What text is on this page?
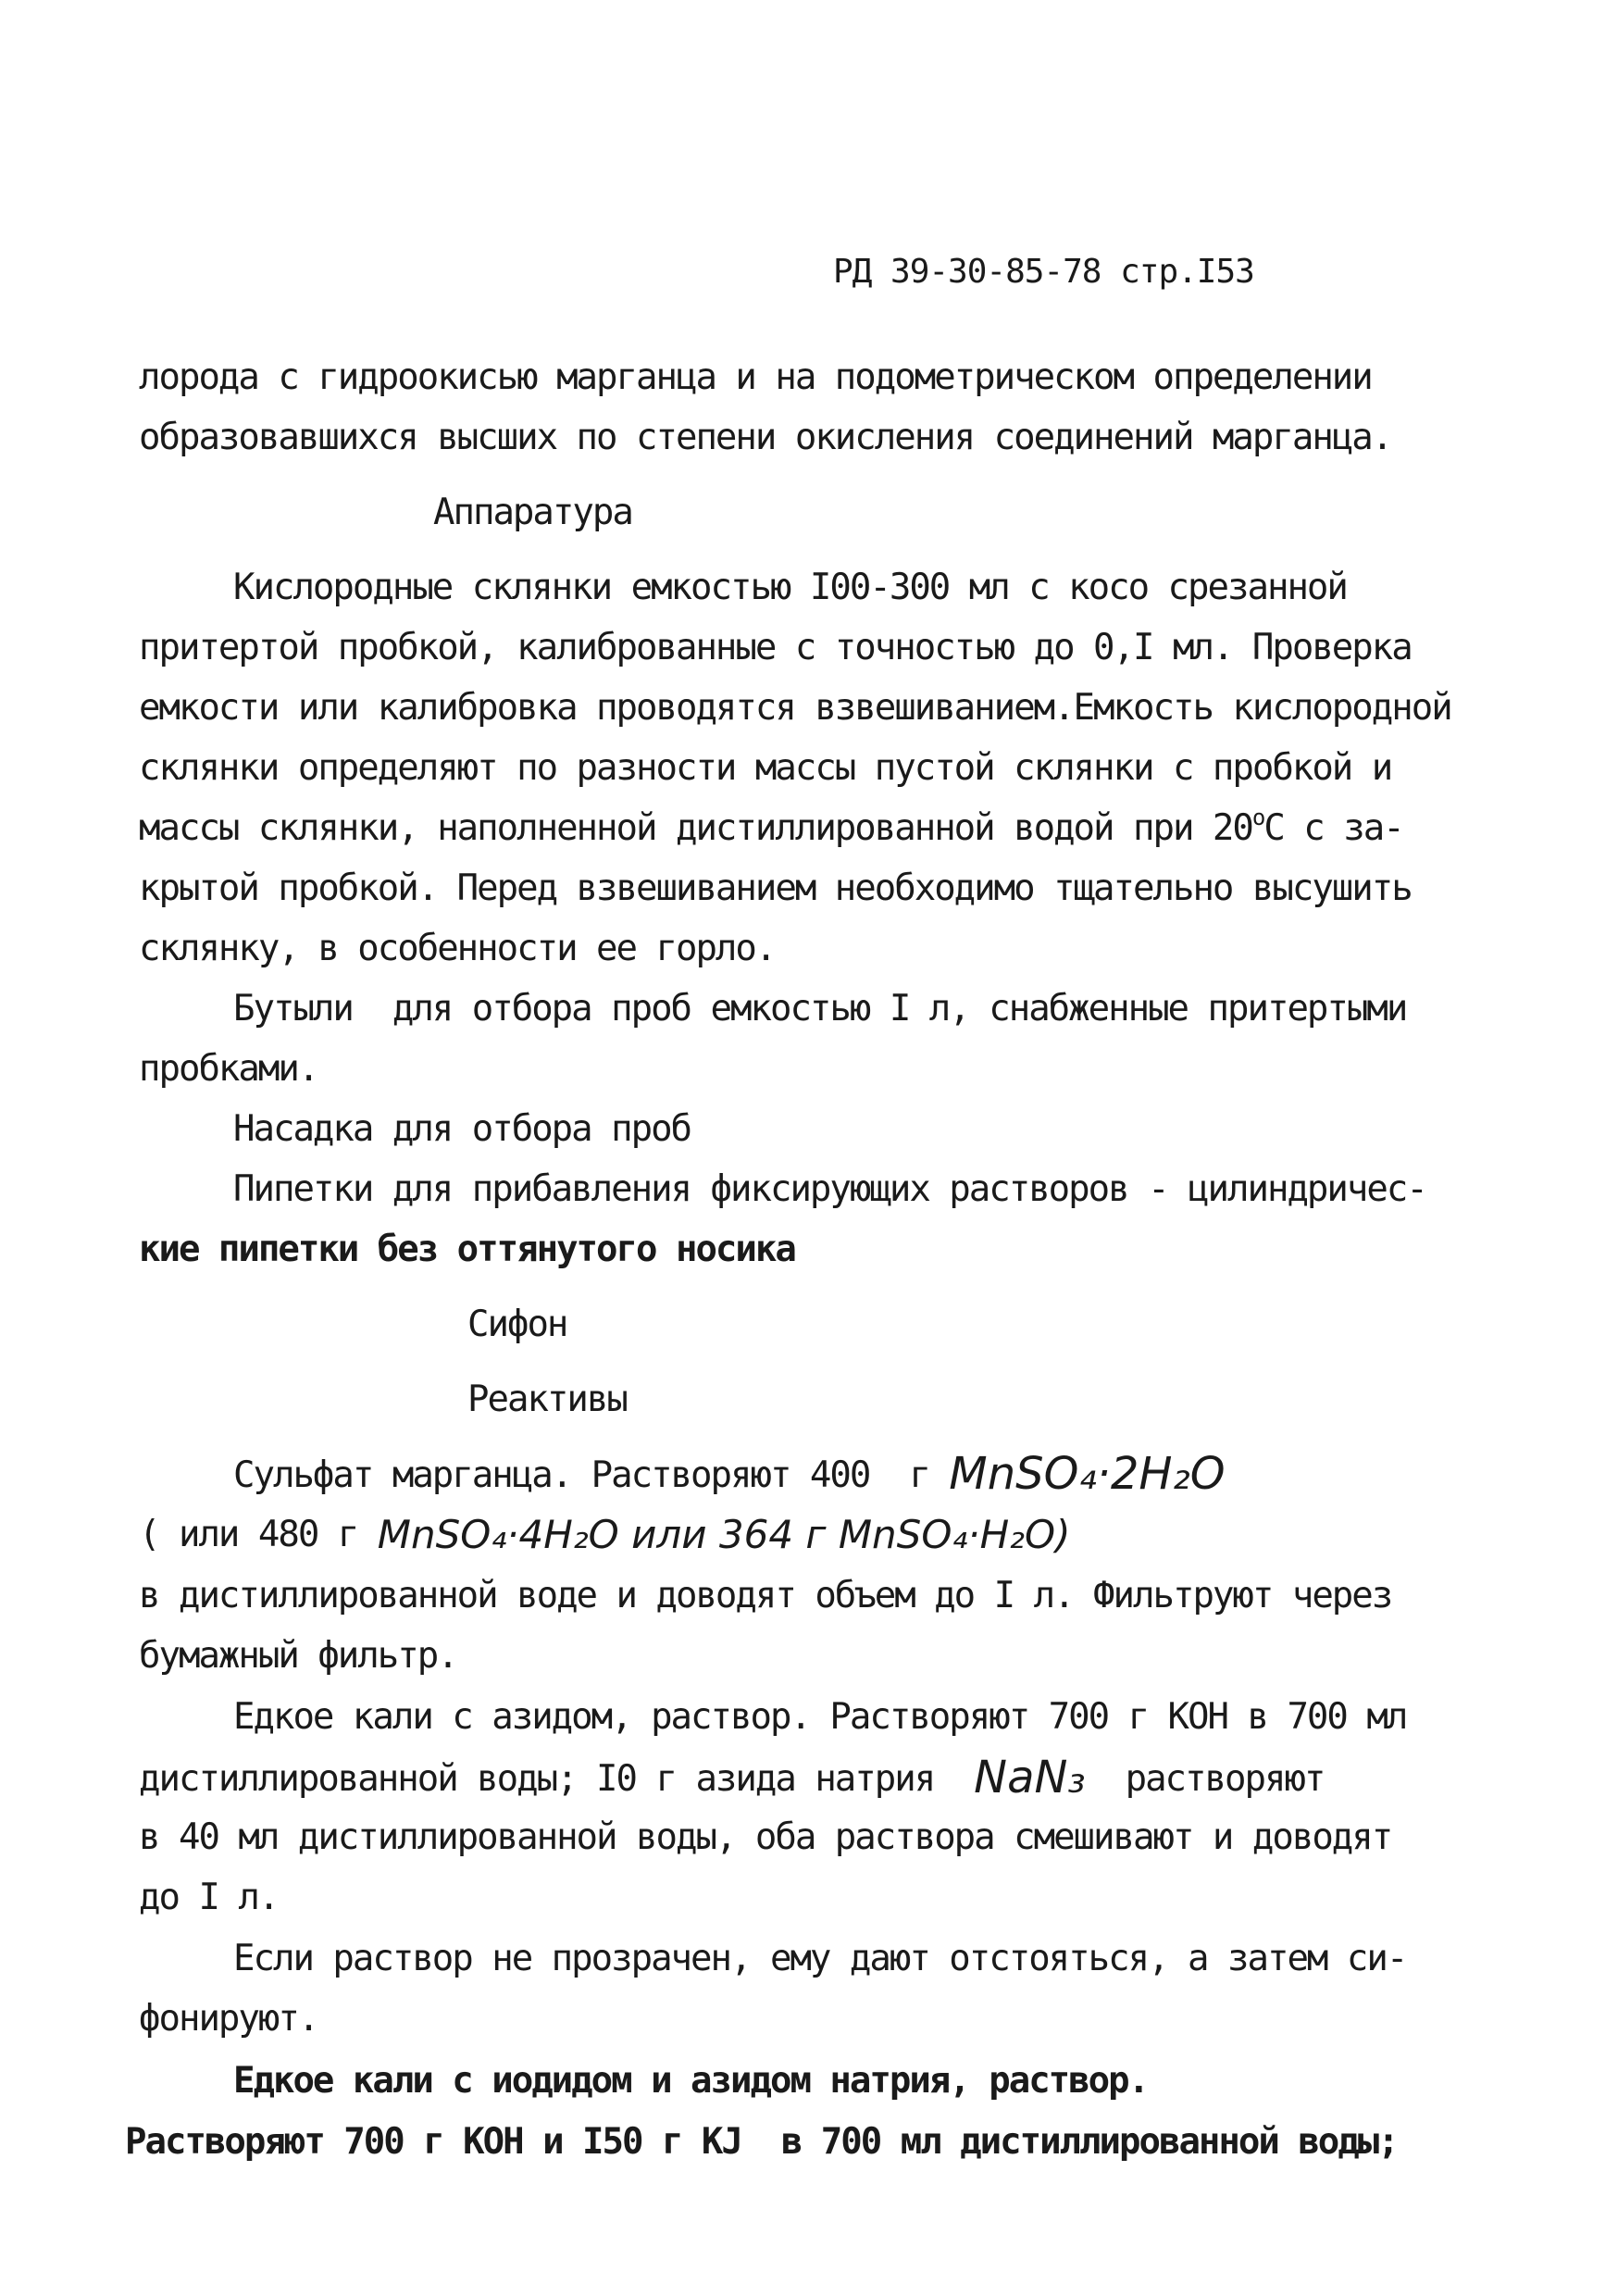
РД 39-30-85-78 стр.I53

лорода с гидроокисью марганца и на подометрическом определении

образовавшихся высших по степени окисления соединений марганца.

Аппаратура

Кислородные склянки емкостью I00-300 мл с косо срезанной

притертой пробкой, калиброванные с точностью до 0,I мл. Проверка

емкости или калибровка проводятся взвешиванием.Емкость кислородной

склянки определяют по разности массы пустой склянки с пробкой и

массы склянки, наполненной дистиллированной водой при $20^оС$ с за-

крытой пробкой. Перед взвешиванием необходимо тщательно высушить

склянку, в особенности ее горло.

Бутыли  для отбора проб емкостью I л, снабженные притертыми

пробками.

Насадка для отбора проб

Пипетки для прибавления фиксирующих растворов - цилиндричес-

кие пипетки без оттянутого носика

Сифон

Реактивы

Сульфат марганца. Растворяют 400  г MnSO₄·2H₂O

( или 480 г MnSO₄·4H₂O или 364 г MnSO₄·H₂O)

в дистиллированной воде и доводят объем до I л. Фильтруют через

бумажный фильтр.

Едкое кали с азидом, раствор. Растворяют 700 г КОН в 700 мл

дистиллированной воды; I0 г азида натрия  NaN₃  растворяют

в 40 мл дистиллированной воды, оба раствора смешивают и доводят

до I л.

Если раствор не прозрачен, ему дают отстояться, а затем си-

фонируют.

Едкое кали с иодидом и азидом натрия, раствор.

Растворяют 700 г КОН и I50 г KJ  в 700 мл дистиллированной воды;
